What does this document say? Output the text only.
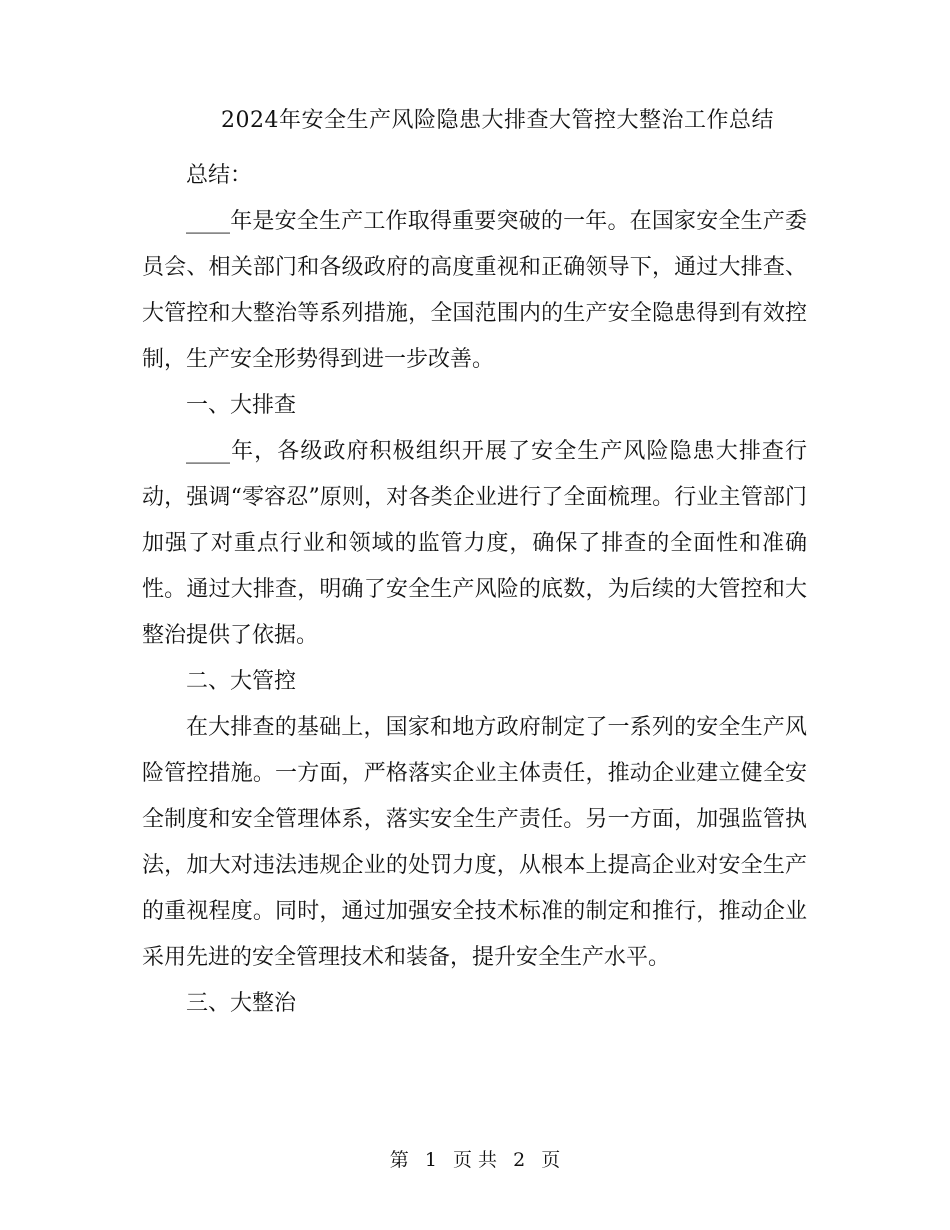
2024年安全生产风险隐患大排查大管控大整治工作总结

总结：

____年是安全生产工作取得重要突破的一年。在国家安全生产委员会、相关部门和各级政府的高度重视和正确领导下，通过大排查、大管控和大整治等系列措施，全国范围内的生产安全隐患得到有效控制，生产安全形势得到进一步改善。

一、大排查

____年，各级政府积极组织开展了安全生产风险隐患大排查行动，强调“零容忍”原则，对各类企业进行了全面梳理。行业主管部门加强了对重点行业和领域的监管力度，确保了排查的全面性和准确性。通过大排查，明确了安全生产风险的底数，为后续的大管控和大整治提供了依据。

二、大管控

在大排查的基础上，国家和地方政府制定了一系列的安全生产风险管控措施。一方面，严格落实企业主体责任，推动企业建立健全安全制度和安全管理体系，落实安全生产责任。另一方面，加强监管执法，加大对违法违规企业的处罚力度，从根本上提高企业对安全生产的重视程度。同时，通过加强安全技术标准的制定和推行，推动企业采用先进的安全管理技术和装备，提升安全生产水平。

三、大整治

第 1 页 共 2 页
